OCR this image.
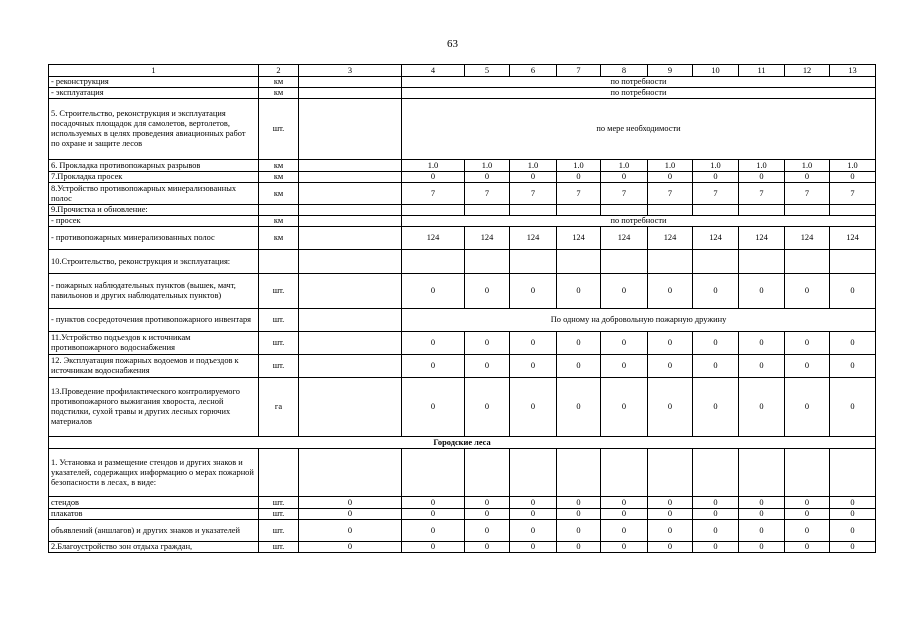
63
1	2	3	4	5	6	7	8	9	10	11	12	13
- реконструкция	км		по потребности									
- эксплуатация	км		по потребности									
5. Строительство, реконструкция и эксплуатация посадочных площадок для самолетов, вертолетов, используемых в целях проведения авиационных работ по охране и защите лесов	шт.		по мере необходимости									
6. Прокладка противопожарных разрывов	км		1.0	1.0	1.0	1.0	1.0	1.0	1.0	1.0	1.0	1.0
7.Прокладка просек	км		0	0	0	0	0	0	0	0	0	0
8.Устройство противопожарных минерализованных полос	км		7	7	7	7	7	7	7	7	7	7
9.Прочистка и обновление:												
- просек	км		по потребности									
- противопожарных минерализованных полос	км		124	124	124	124	124	124	124	124	124	124
10.Строительство, реконструкция и эксплуатация:												
- пожарных наблюдательных пунктов (вышек, мачт, павильонов и других наблюдательных пунктов)	шт.		0	0	0	0	0	0	0	0	0	0
- пунктов сосредоточения противопожарного инвентаря	шт.		По одному на добровольную пожарную дружину									
11.Устройство подъездов к источникам противопожарного водоснабжения	шт.		0	0	0	0	0	0	0	0	0	0
12. Эксплуатация пожарных водоемов и подъездов к источникам водоснабжения	шт.		0	0	0	0	0	0	0	0	0	0
13.Проведение профилактического контролируемого противопожарного выжигания хвороста, лесной подстилки, сухой травы и других лесных горючих материалов	га		0	0	0	0	0	0	0	0	0	0
Городские леса												
1. Установка и размещение стендов и других знаков и указателей, содержащих информацию о мерах пожарной безопасности в лесах, в виде:												
стендов	шт.	0	0	0	0	0	0	0	0	0	0	0
плакатов	шт.	0	0	0	0	0	0	0	0	0	0	0
объявлений (аншлагов) и других знаков и указателей	шт.	0	0	0	0	0	0	0	0	0	0	0
2.Благоустройство зон отдыха граждан,	шт.	0	0	0	0	0	0	0	0	0	0	0
